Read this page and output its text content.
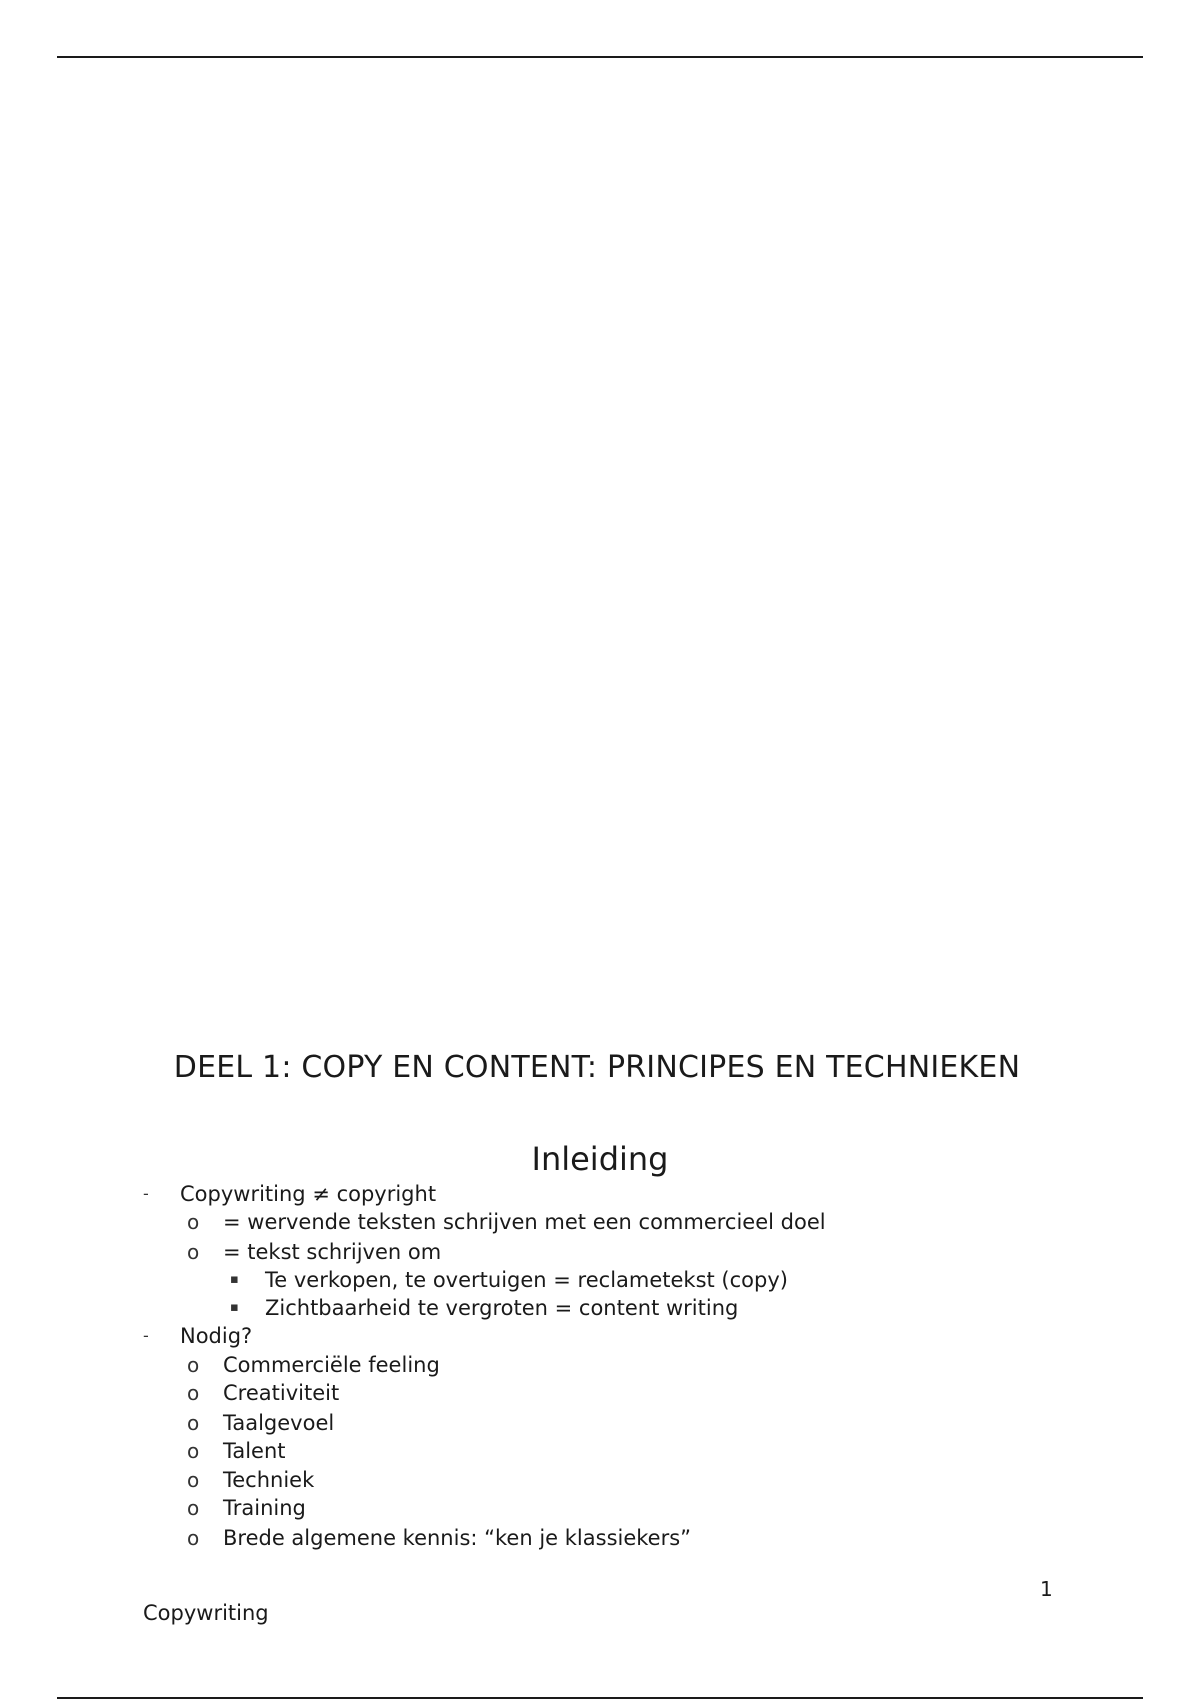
DEEL 1: COPY EN CONTENT: PRINCIPES EN TECHNIEKEN
Inleiding
- Copywriting ≠ copyright
o = wervende teksten schrijven met een commercieel doel
o = tekst schrijven om
▪ Te verkopen, te overtuigen = reclametekst (copy)
▪ Zichtbaarheid te vergroten = content writing
- Nodig?
o Commerciële feeling
o Creativiteit
o Taalgevoel
o Talent
o Techniek
o Training
o Brede algemene kennis: “ken je klassiekers”
1
Copywriting
